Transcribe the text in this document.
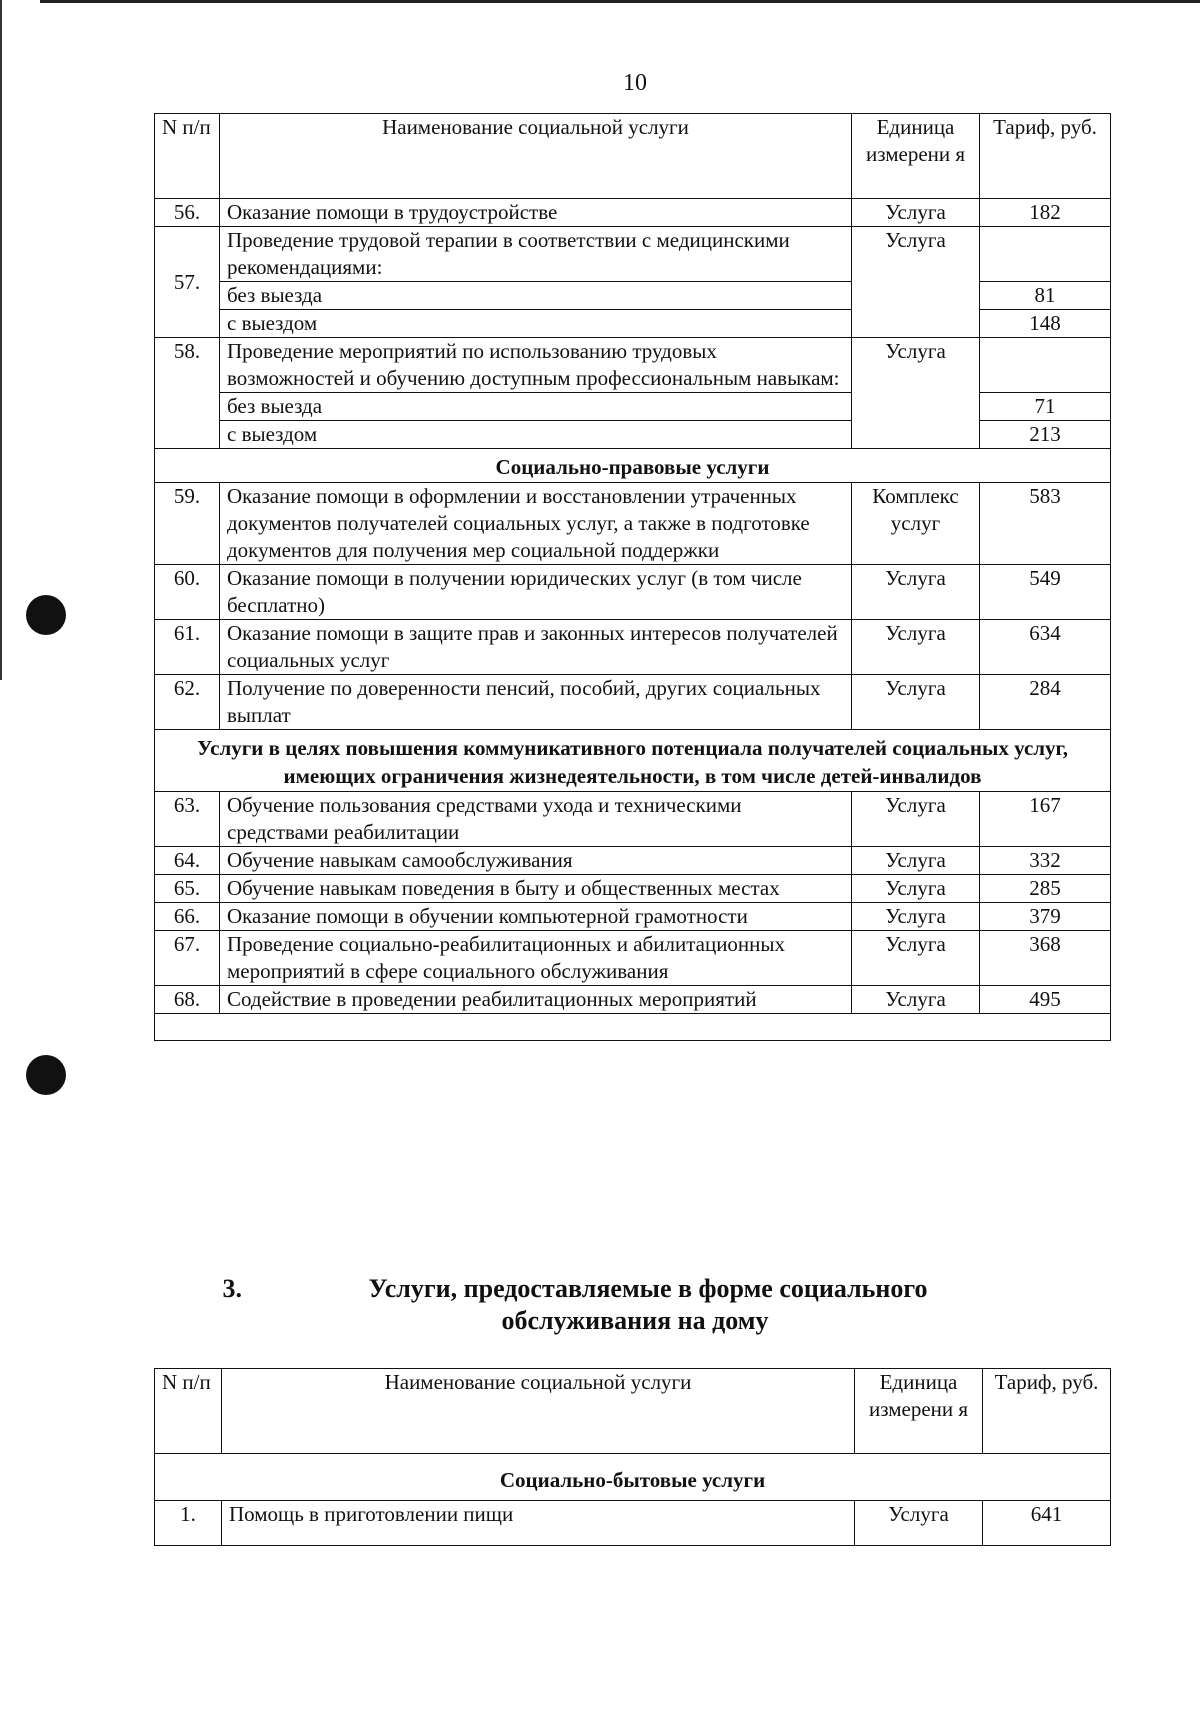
10
N п/п	Наименование социальной услуги	Единица измерени я	Тариф, руб.
56.	Оказание помощи в трудоустройстве	Услуга	182
57.	Проведение трудовой терапии в соответствии с медицинскими рекомендациями:	Услуга	
	без выезда		81
	с выездом		148
58.	Проведение мероприятий по использованию трудовых возможностей и обучению доступным профессиональным навыкам:	Услуга	
	без выезда		71
	с выездом		213
Социально-правовые услуги			
59.	Оказание помощи в оформлении и восстановлении утраченных документов получателей социальных услуг, а также в подготовке документов для получения мер социальной поддержки	Комплекс услуг	583
60.	Оказание помощи в получении юридических услуг (в том числе бесплатно)	Услуга	549
61.	Оказание помощи в защите прав и законных интересов получателей социальных услуг	Услуга	634
62.	Получение по доверенности пенсий, пособий, других социальных выплат	Услуга	284
Услуги в целях повышения коммуникативного потенциала получателей социальных услуг, имеющих ограничения жизнедеятельности, в том числе детей-инвалидов			
63.	Обучение пользования средствами ухода и техническими средствами реабилитации	Услуга	167
64.	Обучение навыкам самообслуживания	Услуга	332
65.	Обучение навыкам поведения в быту и общественных местах	Услуга	285
66.	Оказание помощи в обучении компьютерной грамотности	Услуга	379
67.	Проведение социально-реабилитационных и абилитационных мероприятий в сфере социального обслуживания	Услуга	368
68.	Содействие в проведении реабилитационных мероприятий	Услуга	495

3.	Услуги, предоставляемые в форме социального
обслуживания на дому
N п/п	Наименование социальной услуги	Единица измерени я	Тариф, руб.
Социально-бытовые услуги			
1.	Помощь в приготовлении пищи	Услуга	641
